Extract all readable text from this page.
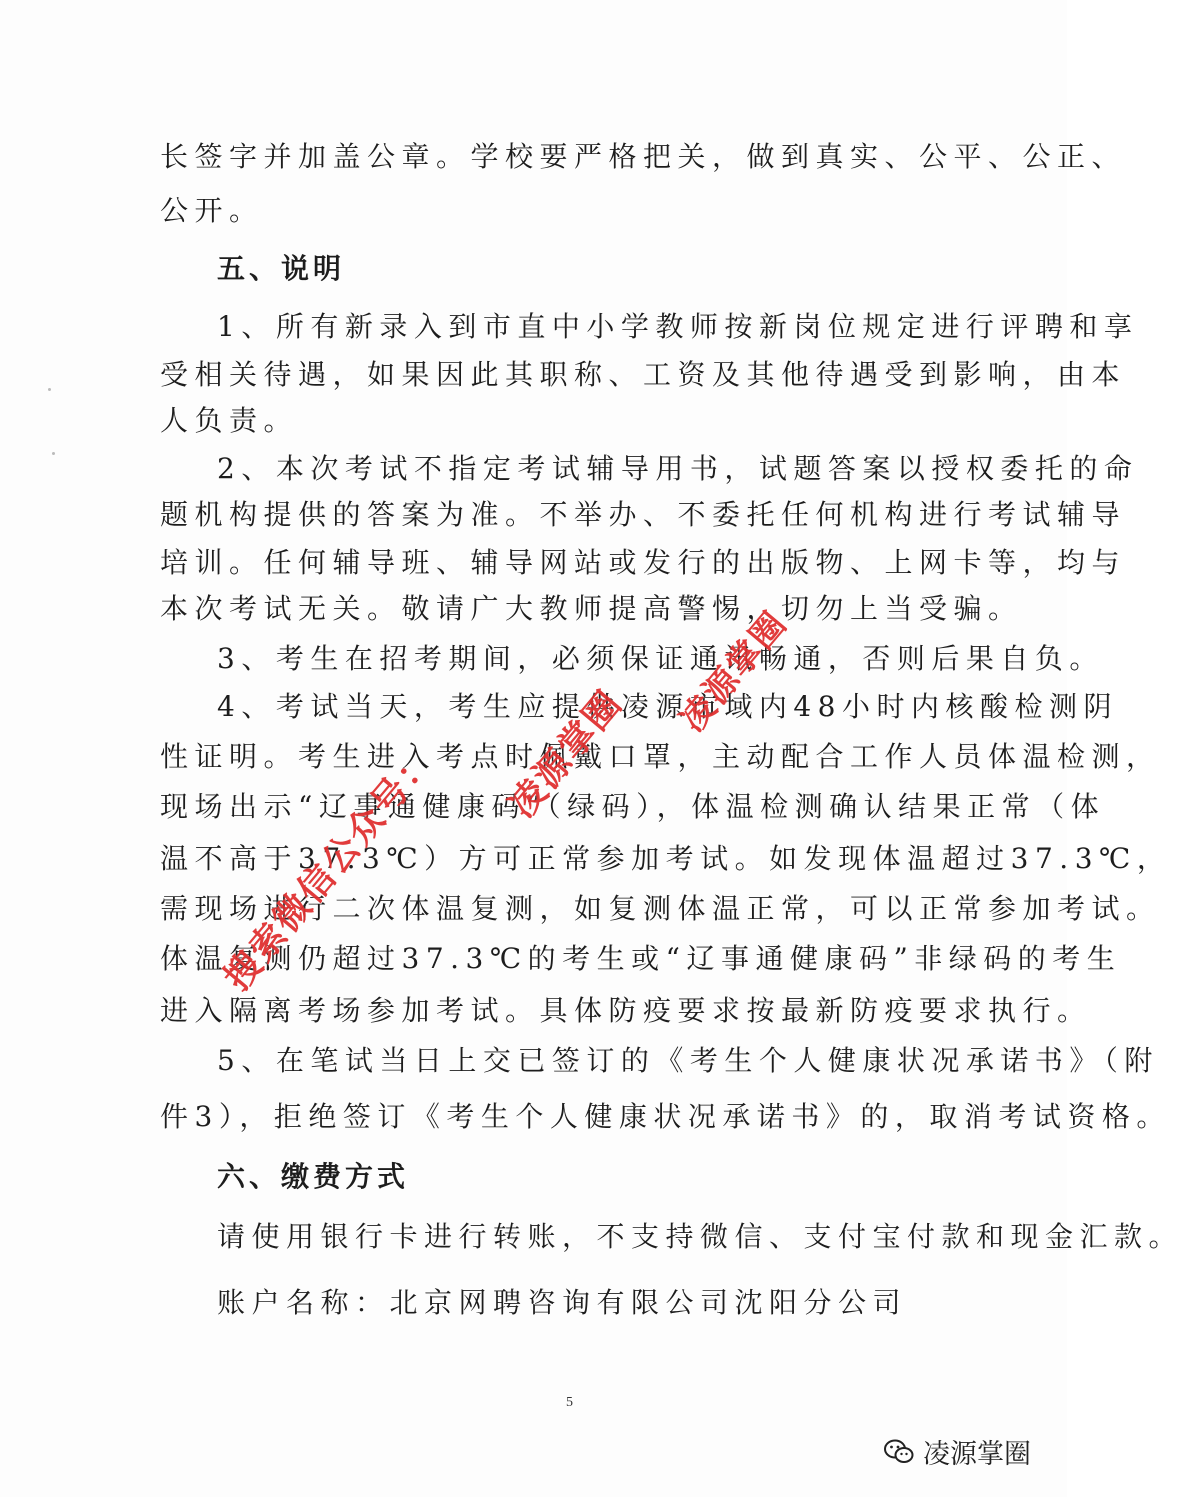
长签字并加盖公章。学校要严格把关，做到真实、公平、公正、
公开。
五、说明
1、所有新录入到市直中小学教师按新岗位规定进行评聘和享
受相关待遇，如果因此其职称、工资及其他待遇受到影响，由本
人负责。
2、本次考试不指定考试辅导用书，试题答案以授权委托的命
题机构提供的答案为准。不举办、不委托任何机构进行考试辅导
培训。任何辅导班、辅导网站或发行的出版物、上网卡等，均与
本次考试无关。敬请广大教师提高警惕，切勿上当受骗。
3、考生在招考期间，必须保证通讯畅通，否则后果自负。
4、考试当天，考生应提供凌源市域内48小时内核酸检测阴
性证明。考生进入考点时佩戴口罩，主动配合工作人员体温检测，
现场出示“辽事通健康码”（绿码），体温检测确认结果正常（体
温不高于37.3℃）方可正常参加考试。如发现体温超过37.3℃，
需现场进行二次体温复测，如复测体温正常，可以正常参加考试。
体温复测仍超过37.3℃的考生或“辽事通健康码”非绿码的考生
进入隔离考场参加考试。具体防疫要求按最新防疫要求执行。
5、在笔试当日上交已签订的《考生个人健康状况承诺书》（附
件3），拒绝签订《考生个人健康状况承诺书》的，取消考试资格。
六、缴费方式
请使用银行卡进行转账，不支持微信、支付宝付款和现金汇款。
账户名称：北京网聘咨询有限公司沈阳分公司
5
搜索微信公众号： 凌源掌圈
凌源掌圈
凌源掌圈
